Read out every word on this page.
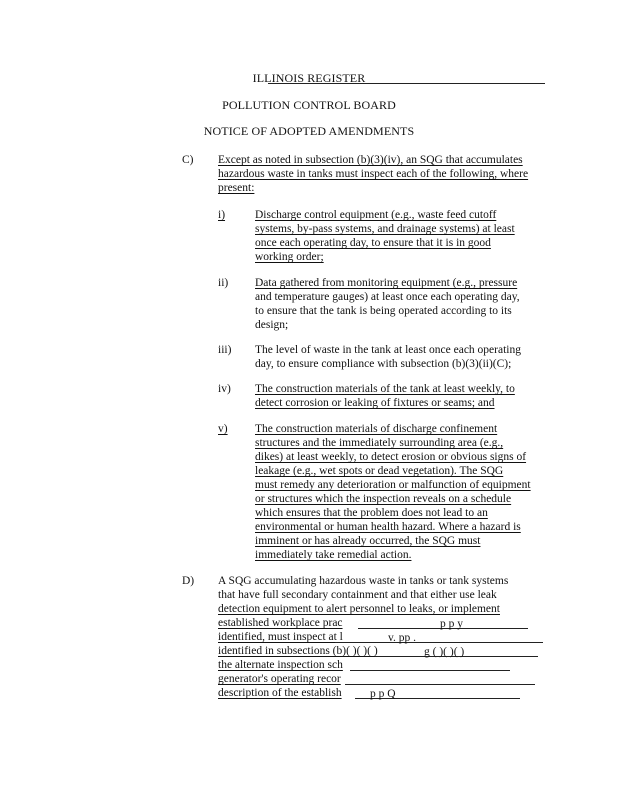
ILLINOIS REGISTER
POLLUTION CONTROL BOARD
NOTICE OF ADOPTED AMENDMENTS
C) Except as noted in subsection (b)(3)(iv), an SQG that accumulates
hazardous waste in tanks must inspect each of the following, where
present:
i)	Discharge control equipment (e.g., waste feed cutoff
systems, by-pass systems, and drainage systems) at least
once each operating day, to ensure that it is in good
working order;
ii) Data gathered from monitoring equipment (e.g., pressure
and temperature gauges) at least once each operating day,
to ensure that the tank is being operated according to its
design;
iii) The level of waste in the tank at least once each operating
day, to ensure compliance with subsection (b)(3)(ii)(C);
iv) The construction materials of the tank at least weekly, to
detect corrosion or leaking of fixtures or seams; and
v) The construction materials of discharge confinement
structures and the immediately surrounding area (e.g.,
dikes) at least weekly, to detect erosion or obvious signs of
leakage (e.g., wet spots or dead vegetation). The SQG
must remedy any deterioration or malfunction of equipment
or structures which the inspection reveals on a schedule
which ensures that the problem does not lead to an
environmental or human health hazard. Where a hazard is
imminent or has already occurred, the SQG must
immediately take remedial action.
D) A SQG accumulating hazardous waste in tanks or tank systems
that have full secondary containment and that either use leak
detection equipment to alert personnel to leaks, or implement
established workplace prac
identified, must inspect at l
identified in subsections (b)( )( )( )
the alternate inspection sch
generator's operating recor
description of the establish
p p y
v. pp .
g ( )( )( )
p p Q
